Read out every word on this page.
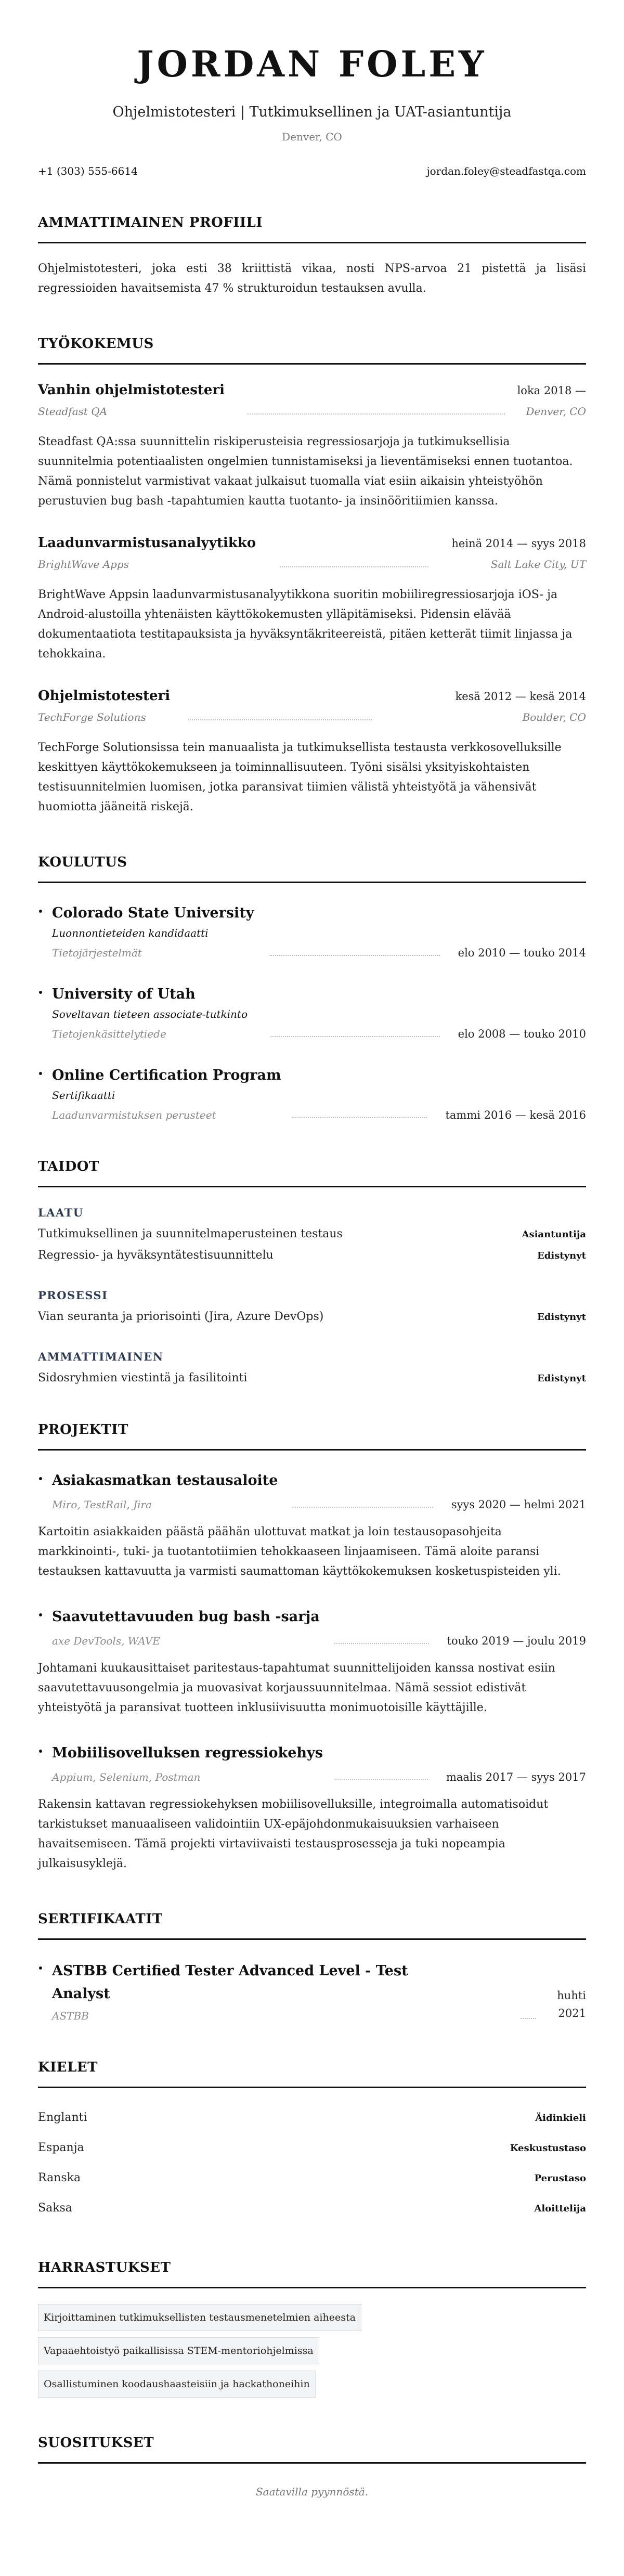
JORDAN FOLEY
Ohjelmistotesteri | Tutkimuksellinen ja UAT-asiantuntija
Denver, CO
+1 (303) 555-6614	jordan.foley@steadfastqa.com
AMMATTIMAINEN PROFIILI

Ohjelmistotesteri, joka esti 38 kriittistä vikaa, nosti NPS-arvoa 21 pistettä ja lisäsi regressioiden havaitsemista 47 % strukturoidun testauksen avulla.

TYÖKOKEMUS
Vanhin ohjelmistotesteri	loka 2018 —
Steadfast QA	Denver, CO

Steadfast QA:ssa suunnittelin riskiperusteisia regressiosarjoja ja tutkimuksellisia suunnitelmia potentiaalisten ongelmien tunnistamiseksi ja lieventämiseksi ennen tuotantoa. Nämä ponnistelut varmistivat vakaat julkaisut tuomalla viat esiin aikaisin yhteistyöhön perustuvien bug bash -tapahtumien kautta tuotanto- ja insinööritiimien kanssa.

Laadunvarmistusanalyytikko	heinä 2014 — syys 2018
BrightWave Apps	Salt Lake City, UT

BrightWave Appsin laadunvarmistusanalyytikkona suoritin mobiiliregressiosarjoja iOS- ja Android-alustoilla yhtenäisten käyttökokemusten ylläpitämiseksi. Pidensin elävää dokumentaatiota testitapauksista ja hyväksyntäkriteereistä, pitäen ketterät tiimit linjassa ja tehokkaina.

Ohjelmistotesteri	kesä 2012 — kesä 2014
TechForge Solutions	Boulder, CO

TechForge Solutionsissa tein manuaalista ja tutkimuksellista testausta verkkosovelluksille keskittyen käyttökokemukseen ja toiminnallisuuteen. Työni sisälsi yksityiskohtaisten testisuunnitelmien luomisen, jotka paransivat tiimien välistä yhteistyötä ja vähensivät huomiotta jääneitä riskejä.

KOULUTUS
Colorado State University
Luonnontieteiden kandidaatti
Tietojärjestelmät	elo 2010 — touko 2014
University of Utah
Soveltavan tieteen associate-tutkinto
Tietojenkäsittelytiede	elo 2008 — touko 2010
Online Certification Program
Sertifikaatti
Laadunvarmistuksen perusteet	tammi 2016 — kesä 2016
TAIDOT
LAATU
Tutkimuksellinen ja suunnitelmaperusteinen testaus	Asiantuntija
Regressio- ja hyväksyntätestisuunnittelu	Edistynyt
PROSESSI
Vian seuranta ja priorisointi (Jira, Azure DevOps)	Edistynyt
AMMATTIMAINEN
Sidosryhmien viestintä ja fasilitointi	Edistynyt
PROJEKTIT
Asiakasmatkan testausaloite
Miro, TestRail, Jira	syys 2020 — helmi 2021

Kartoitin asiakkaiden päästä päähän ulottuvat matkat ja loin testausopasohjeita markkinointi-, tuki- ja tuotantotiimien tehokkaaseen linjaamiseen. Tämä aloite paransi testauksen kattavuutta ja varmisti saumattoman käyttökokemuksen kosketuspisteiden yli.

Saavutettavuuden bug bash -sarja
axe DevTools, WAVE	touko 2019 — joulu 2019

Johtamani kuukausittaiset paritestaus-tapahtumat suunnittelijoiden kanssa nostivat esiin saavutettavuusongelmia ja muovasivat korjaussuunnitelmaa. Nämä sessiot edistivät yhteistyötä ja paransivat tuotteen inklusiivisuutta monimuotoisille käyttäjille.

Mobiilisovelluksen regressiokehys
Appium, Selenium, Postman	maalis 2017 — syys 2017

Rakensin kattavan regressiokehyksen mobiilisovelluksille, integroimalla automatisoidut tarkistukset manuaaliseen validointiin UX-epäjohdonmukaisuuksien varhaiseen havaitsemiseen. Tämä projekti virtaviivaisti testausprosesseja ja tuki nopeampia julkaisusyklejä.

SERTIFIKAATIT
ASTBB Certified Tester Advanced Level - Test Analyst
ASTBB
huhti
2021
KIELET
Englanti	Äidinkieli
Espanja	Keskustustaso
Ranska	Perustaso
Saksa	Aloittelija
HARRASTUKSET
Kirjoittaminen tutkimuksellisten testausmenetelmien aiheesta
Vapaaehtoistyö paikallisissa STEM-mentoriohjelmissa
Osallistuminen koodaushaasteisiin ja hackathoneihin
SUOSITUKSET

Saatavilla pyynnöstä.
